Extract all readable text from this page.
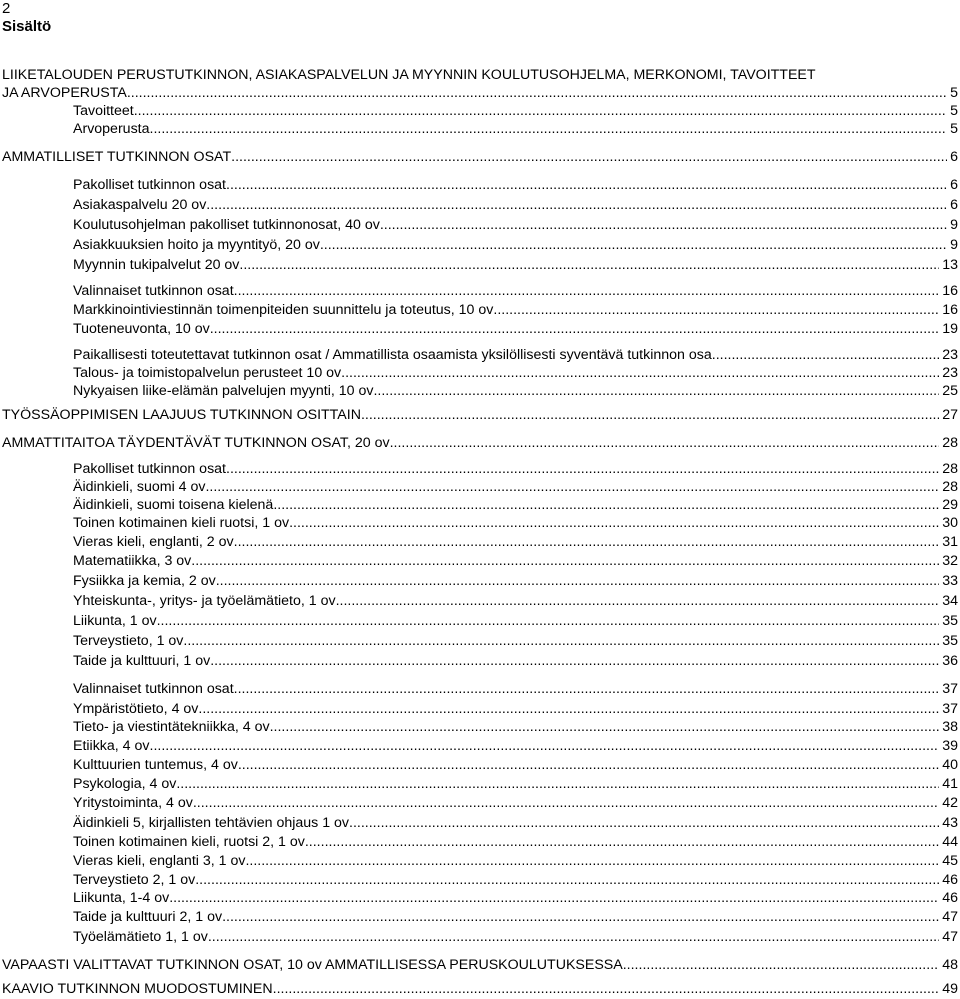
2
Sisältö
LIIKETALOUDEN PERUSTUTKINNON, ASIAKASPALVELUN JA MYYNNIN KOULUTUSOHJELMA, MERKONOMI, TAVOITTEET
JA ARVOPERUSTA .....	5
Tavoitteet .....	5
Arvoperusta .....	5
AMMATILLISET TUTKINNON OSAT .....	6
Pakolliset tutkinnon osat .....	6
Asiakaspalvelu 20 ov .....	6
Koulutusohjelman pakolliset tutkinnonosat, 40 ov .....	9
Asiakkuuksien hoito ja myyntityö, 20 ov .....	9
Myynnin tukipalvelut 20 ov .....	13
Valinnaiset tutkinnon osat .....	16
Markkinointiviestinnän toimenpiteiden suunnittelu ja toteutus, 10 ov .....	16
Tuoteneuvonta, 10 ov .....	19
Paikallisesti toteutettavat tutkinnon osat / Ammatillista osaamista yksilöllisesti syventävä tutkinnon osa .....	23
Talous- ja toimistopalvelun perusteet 10 ov .....	23
Nykyaisen liike-elämän palvelujen myynti, 10 ov .....	25
TYÖSSÄOPPIMISEN LAAJUUS TUTKINNON OSITTAIN .....	27
AMMATTITAITOA TÄYDENTÄVÄT TUTKINNON OSAT, 20 ov .....	28
Pakolliset tutkinnon osat .....	28
Äidinkieli, suomi 4 ov .....	28
Äidinkieli, suomi toisena kielenä .....	29
Toinen kotimainen kieli ruotsi, 1 ov .....	30
Vieras kieli, englanti, 2 ov .....	31
Matematiikka, 3 ov .....	32
Fysiikka ja kemia, 2 ov .....	33
Yhteiskunta-, yritys- ja työelämätieto, 1 ov .....	34
Liikunta, 1 ov .....	35
Terveystieto, 1 ov .....	35
Taide ja kulttuuri, 1 ov .....	36
Valinnaiset tutkinnon osat .....	37
Ympäristötieto, 4 ov .....	37
Tieto- ja viestintätekniikka, 4 ov .....	38
Etiikka, 4 ov .....	39
Kulttuurien tuntemus, 4 ov .....	40
Psykologia, 4 ov .....	41
Yritystoiminta, 4 ov .....	42
Äidinkieli 5, kirjallisten tehtävien ohjaus 1 ov .....	43
Toinen kotimainen kieli, ruotsi 2, 1 ov .....	44
Vieras kieli, englanti 3, 1 ov .....	45
Terveystieto 2, 1 ov .....	46
Liikunta, 1-4 ov .....	46
Taide ja kulttuuri 2, 1 ov .....	47
Työelämätieto 1, 1 ov .....	47
VAPAASTI VALITTAVAT TUTKINNON OSAT, 10 ov AMMATILLISESSA PERUSKOULUTUKSESSA .....	48
KAAVIO TUTKINNON MUODOSTUMINEN .....	49
